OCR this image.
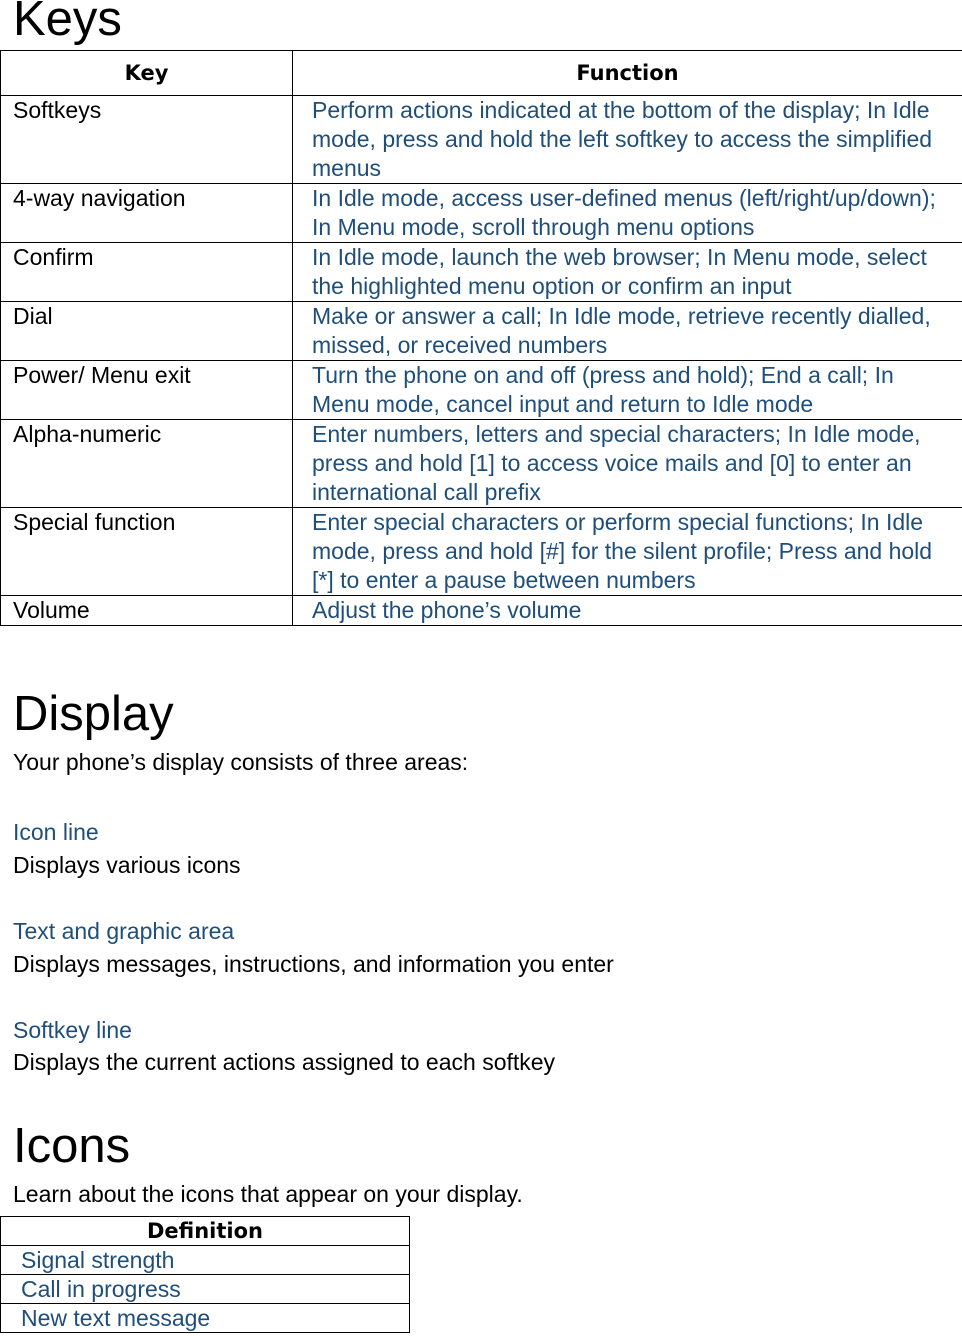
Keys
Key	Function
Softkeys	Perform actions indicated at the bottom of the display; In Idle mode, press and hold the left softkey to access the simplified menus
4-way navigation	In Idle mode, access user-defined menus (left/right/up/down); In Menu mode, scroll through menu options
Confirm	In Idle mode, launch the web browser; In Menu mode, select the highlighted menu option or confirm an input
Dial	Make or answer a call; In Idle mode, retrieve recently dialled, missed, or received numbers
Power/ Menu exit	Turn the phone on and off (press and hold); End a call; In Menu mode, cancel input and return to Idle mode
Alpha-numeric	Enter numbers, letters and special characters; In Idle mode, press and hold [1] to access voice mails and [0] to enter an international call prefix
Special function	Enter special characters or perform special functions; In Idle mode, press and hold [#] for the silent profile; Press and hold [*] to enter a pause between numbers
Volume	Adjust the phone’s volume
Display

Your phone’s display consists of three areas:

Icon line

Displays various icons

Text and graphic area

Displays messages, instructions, and information you enter

Softkey line

Displays the current actions assigned to each softkey

Icons

Learn about the icons that appear on your display.

Definition
Signal strength
Call in progress
New text message
